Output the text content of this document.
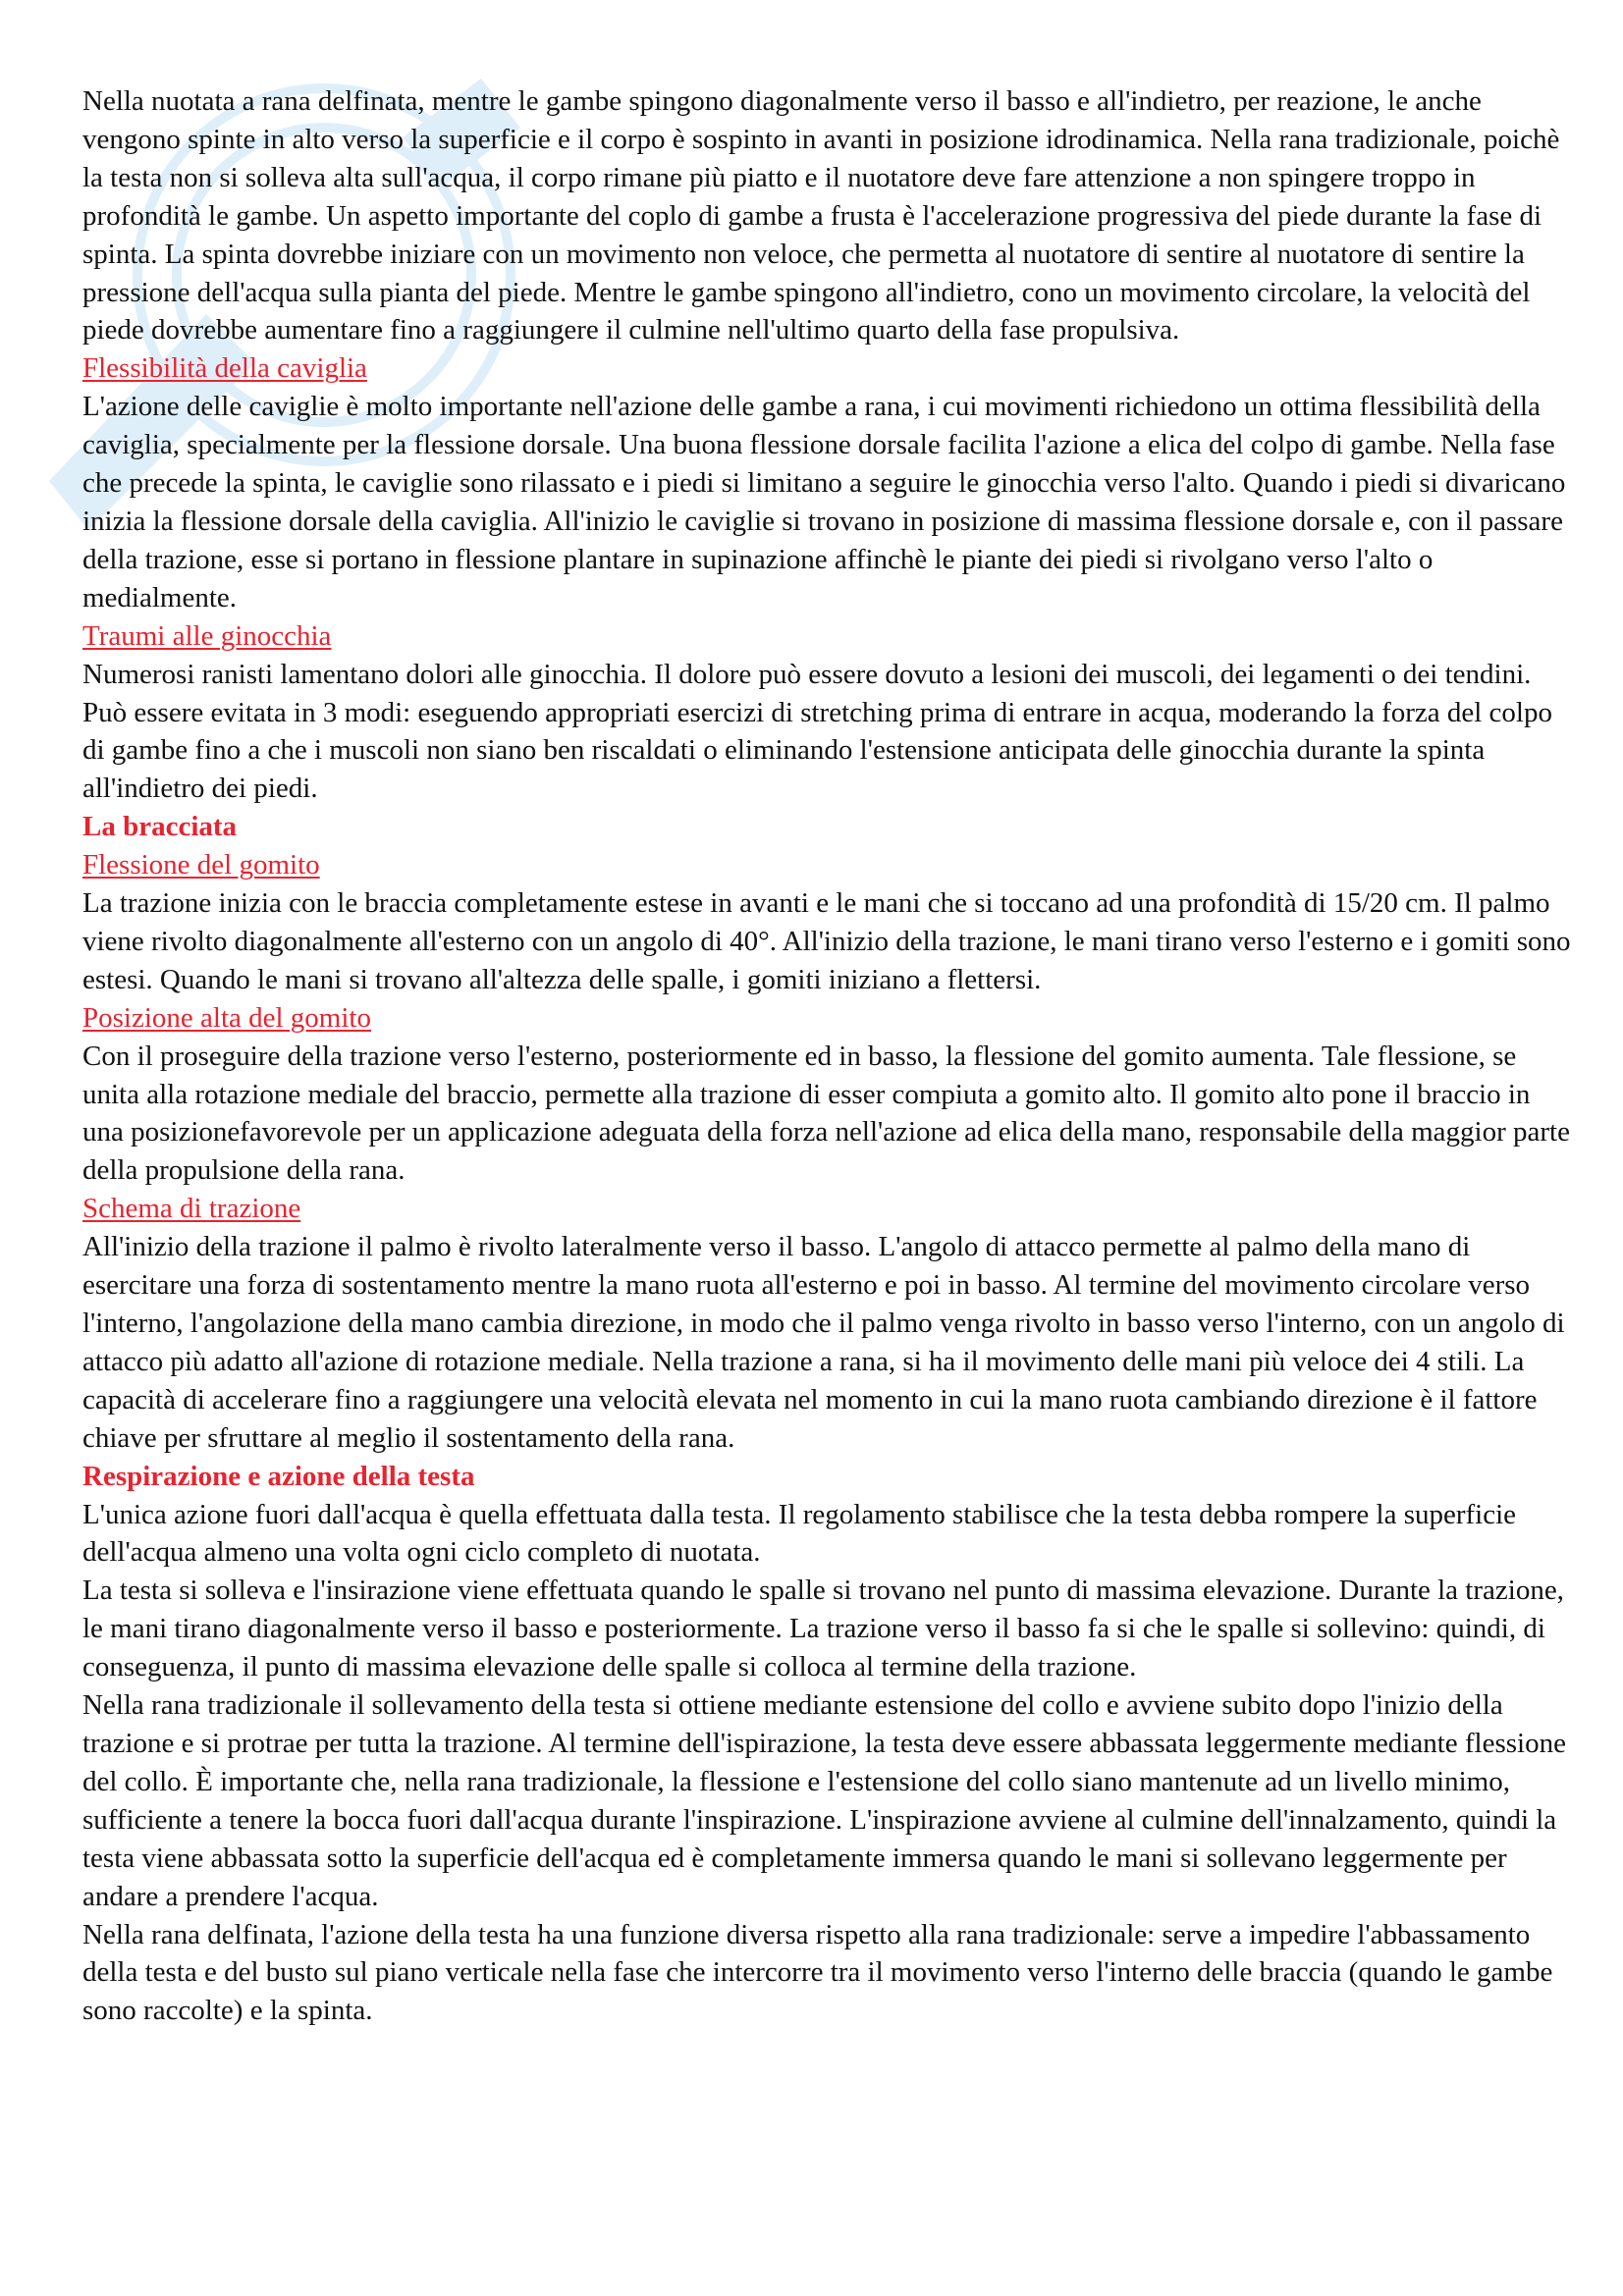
Nella nuotata a rana delfinata, mentre le gambe spingono diagonalmente verso il basso e all'indietro, per reazione, le anche vengono spinte in alto verso la superficie e il corpo è sospinto in avanti in posizione idrodinamica. Nella rana tradizionale, poichè la testa non si solleva alta sull'acqua, il corpo rimane più piatto e il nuotatore deve fare attenzione a non spingere troppo in profondità le gambe. Un aspetto importante del coplo di gambe a frusta è l'accelerazione progressiva del piede durante la fase di spinta. La spinta dovrebbe iniziare con un movimento non veloce, che permetta al nuotatore di sentire al nuotatore di sentire la pressione dell'acqua sulla pianta del piede. Mentre le gambe spingono all'indietro, cono un movimento circolare, la velocità del piede dovrebbe aumentare fino a raggiungere il culmine nell'ultimo quarto della fase propulsiva.

Flessibilità della caviglia

L'azione delle caviglie è molto importante nell'azione delle gambe a rana, i cui movimenti richiedono un ottima flessibilità della caviglia, specialmente per la flessione dorsale. Una buona flessione dorsale facilita l'azione a elica del colpo di gambe. Nella fase che precede la spinta, le caviglie sono rilassato e i piedi si limitano a seguire le ginocchia verso l'alto. Quando i piedi si divaricano inizia la flessione dorsale della caviglia. All'inizio le caviglie si trovano in posizione di massima flessione dorsale e, con il passare della trazione, esse si portano in flessione plantare in supinazione affinchè le piante dei piedi si rivolgano verso l'alto o medialmente.

Traumi alle ginocchia

Numerosi ranisti lamentano dolori alle ginocchia. Il dolore può essere dovuto a lesioni dei muscoli, dei legamenti o dei tendini. Può essere evitata in 3 modi: eseguendo appropriati esercizi di stretching prima di entrare in acqua, moderando la forza del colpo di gambe fino a che i muscoli non siano ben riscaldati o eliminando l'estensione anticipata delle ginocchia durante la spinta all'indietro dei piedi.

La bracciata

Flessione del gomito

La trazione inizia con le braccia completamente estese in avanti e le mani che si toccano ad una profondità di 15/20 cm. Il palmo viene rivolto diagonalmente all'esterno con un angolo di 40°. All'inizio della trazione, le mani tirano verso l'esterno e i gomiti sono estesi. Quando le mani si trovano all'altezza delle spalle, i gomiti iniziano a flettersi.

Posizione alta del gomito

Con il proseguire della trazione verso l'esterno, posteriormente ed in basso, la flessione del gomito aumenta. Tale flessione, se unita alla rotazione mediale del braccio, permette alla trazione di esser compiuta a gomito alto. Il gomito alto pone il braccio in una posizionefavorevole per un applicazione adeguata della forza nell'azione ad elica della mano, responsabile della maggior parte della propulsione della rana.

Schema di trazione

All'inizio della trazione il palmo è rivolto lateralmente verso il basso. L'angolo di attacco permette al palmo della mano di esercitare una forza di sostentamento mentre la mano ruota all'esterno e poi in basso. Al termine del movimento circolare verso l'interno, l'angolazione della mano cambia direzione, in modo che il palmo venga rivolto in basso verso l'interno, con un angolo di attacco più adatto all'azione di rotazione mediale. Nella trazione a rana, si ha il movimento delle mani più veloce dei 4 stili. La capacità di accelerare fino a raggiungere una velocità elevata nel momento in cui la mano ruota cambiando direzione è il fattore chiave per sfruttare al meglio il sostentamento della rana.

Respirazione e azione della testa

L'unica azione fuori dall'acqua è quella effettuata dalla testa. Il regolamento stabilisce che la testa debba rompere la superficie dell'acqua almeno una volta ogni ciclo completo di nuotata.

La testa si solleva e l'insirazione viene effettuata quando le spalle si trovano nel punto di massima elevazione. Durante la trazione, le mani tirano diagonalmente verso il basso e posteriormente. La trazione verso il basso fa si che le spalle si sollevino: quindi, di conseguenza, il punto di massima elevazione delle spalle si colloca al termine della trazione.

Nella rana tradizionale il sollevamento della testa si ottiene mediante estensione del collo e avviene subito dopo l'inizio della trazione e si protrae per tutta la trazione. Al termine dell'ispirazione, la testa deve essere abbassata leggermente mediante flessione del collo. È importante che, nella rana tradizionale, la flessione e l'estensione del collo siano mantenute ad un livello minimo, sufficiente a tenere la bocca fuori dall'acqua durante l'inspirazione. L'inspirazione avviene al culmine dell'innalzamento, quindi la testa viene abbassata sotto la superficie dell'acqua ed è completamente immersa quando le mani si sollevano leggermente per andare a prendere l'acqua.

Nella rana delfinata, l'azione della testa ha una funzione diversa rispetto alla rana tradizionale: serve a impedire l'abbassamento della testa e del busto sul piano verticale nella fase che intercorre tra il movimento verso l'interno delle braccia (quando le gambe sono raccolte) e la spinta.
